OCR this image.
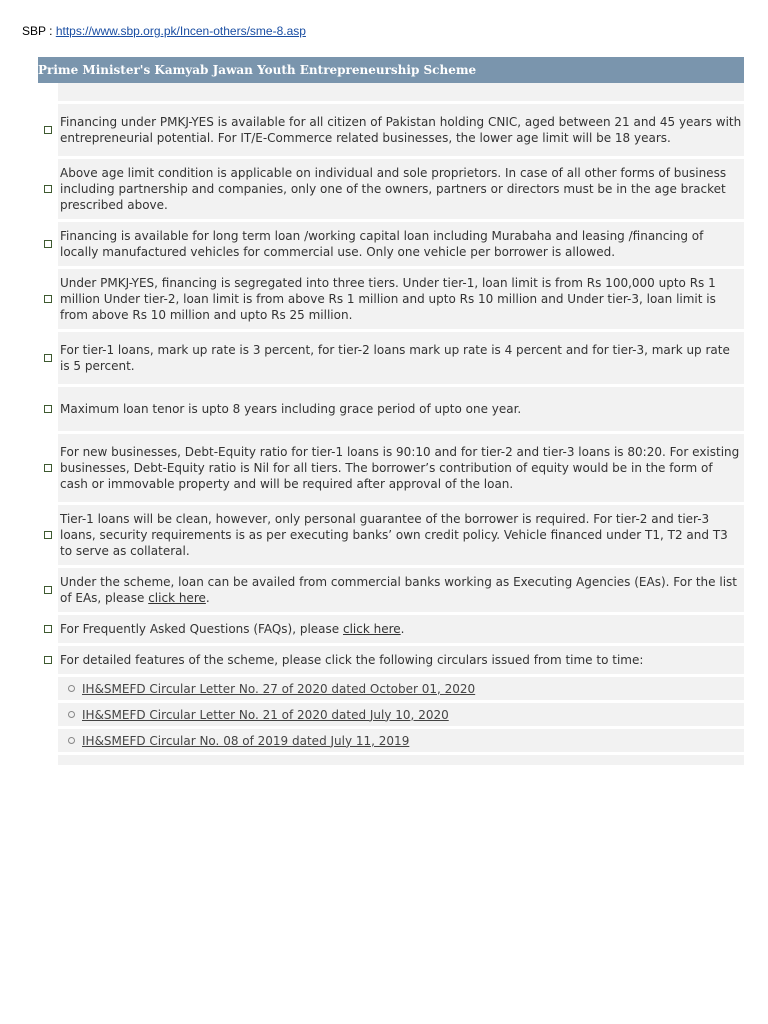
SBP : https://www.sbp.org.pk/Incen-others/sme-8.asp
Prime Minister's Kamyab Jawan Youth Entrepreneurship Scheme
Financing under PMKJ-YES is available for all citizen of Pakistan holding CNIC, aged between 21 and 45 years with entrepreneurial potential. For IT/E-Commerce related businesses, the lower age limit will be 18 years.
Above age limit condition is applicable on individual and sole proprietors. In case of all other forms of business including partnership and companies, only one of the owners, partners or directors must be in the age bracket prescribed above.
Financing is available for long term loan /working capital loan including Murabaha and leasing /financing of locally manufactured vehicles for commercial use. Only one vehicle per borrower is allowed.
Under PMKJ-YES, financing is segregated into three tiers. Under tier-1, loan limit is from Rs 100,000 upto Rs 1 million Under tier-2, loan limit is from above Rs 1 million and upto Rs 10 million and Under tier-3, loan limit is from above Rs 10 million and upto Rs 25 million.
For tier-1 loans, mark up rate is 3 percent, for tier-2 loans mark up rate is 4 percent and for tier-3, mark up rate is 5 percent.
Maximum loan tenor is upto 8 years including grace period of upto one year.
For new businesses, Debt-Equity ratio for tier-1 loans is 90:10 and for tier-2 and tier-3 loans is 80:20. For existing businesses, Debt-Equity ratio is Nil for all tiers. The borrower’s contribution of equity would be in the form of cash or immovable property and will be required after approval of the loan.
Tier-1 loans will be clean, however, only personal guarantee of the borrower is required. For tier-2 and tier-3 loans, security requirements is as per executing banks’ own credit policy. Vehicle financed under T1, T2 and T3 to serve as collateral.
Under the scheme, loan can be availed from commercial banks working as Executing Agencies (EAs). For the list of EAs, please click here.
For Frequently Asked Questions (FAQs), please click here.
For detailed features of the scheme, please click the following circulars issued from time to time:
IH&SMEFD Circular Letter No. 27 of 2020 dated October 01, 2020
IH&SMEFD Circular Letter No. 21 of 2020 dated July 10, 2020
IH&SMEFD Circular No. 08 of 2019 dated July 11, 2019
